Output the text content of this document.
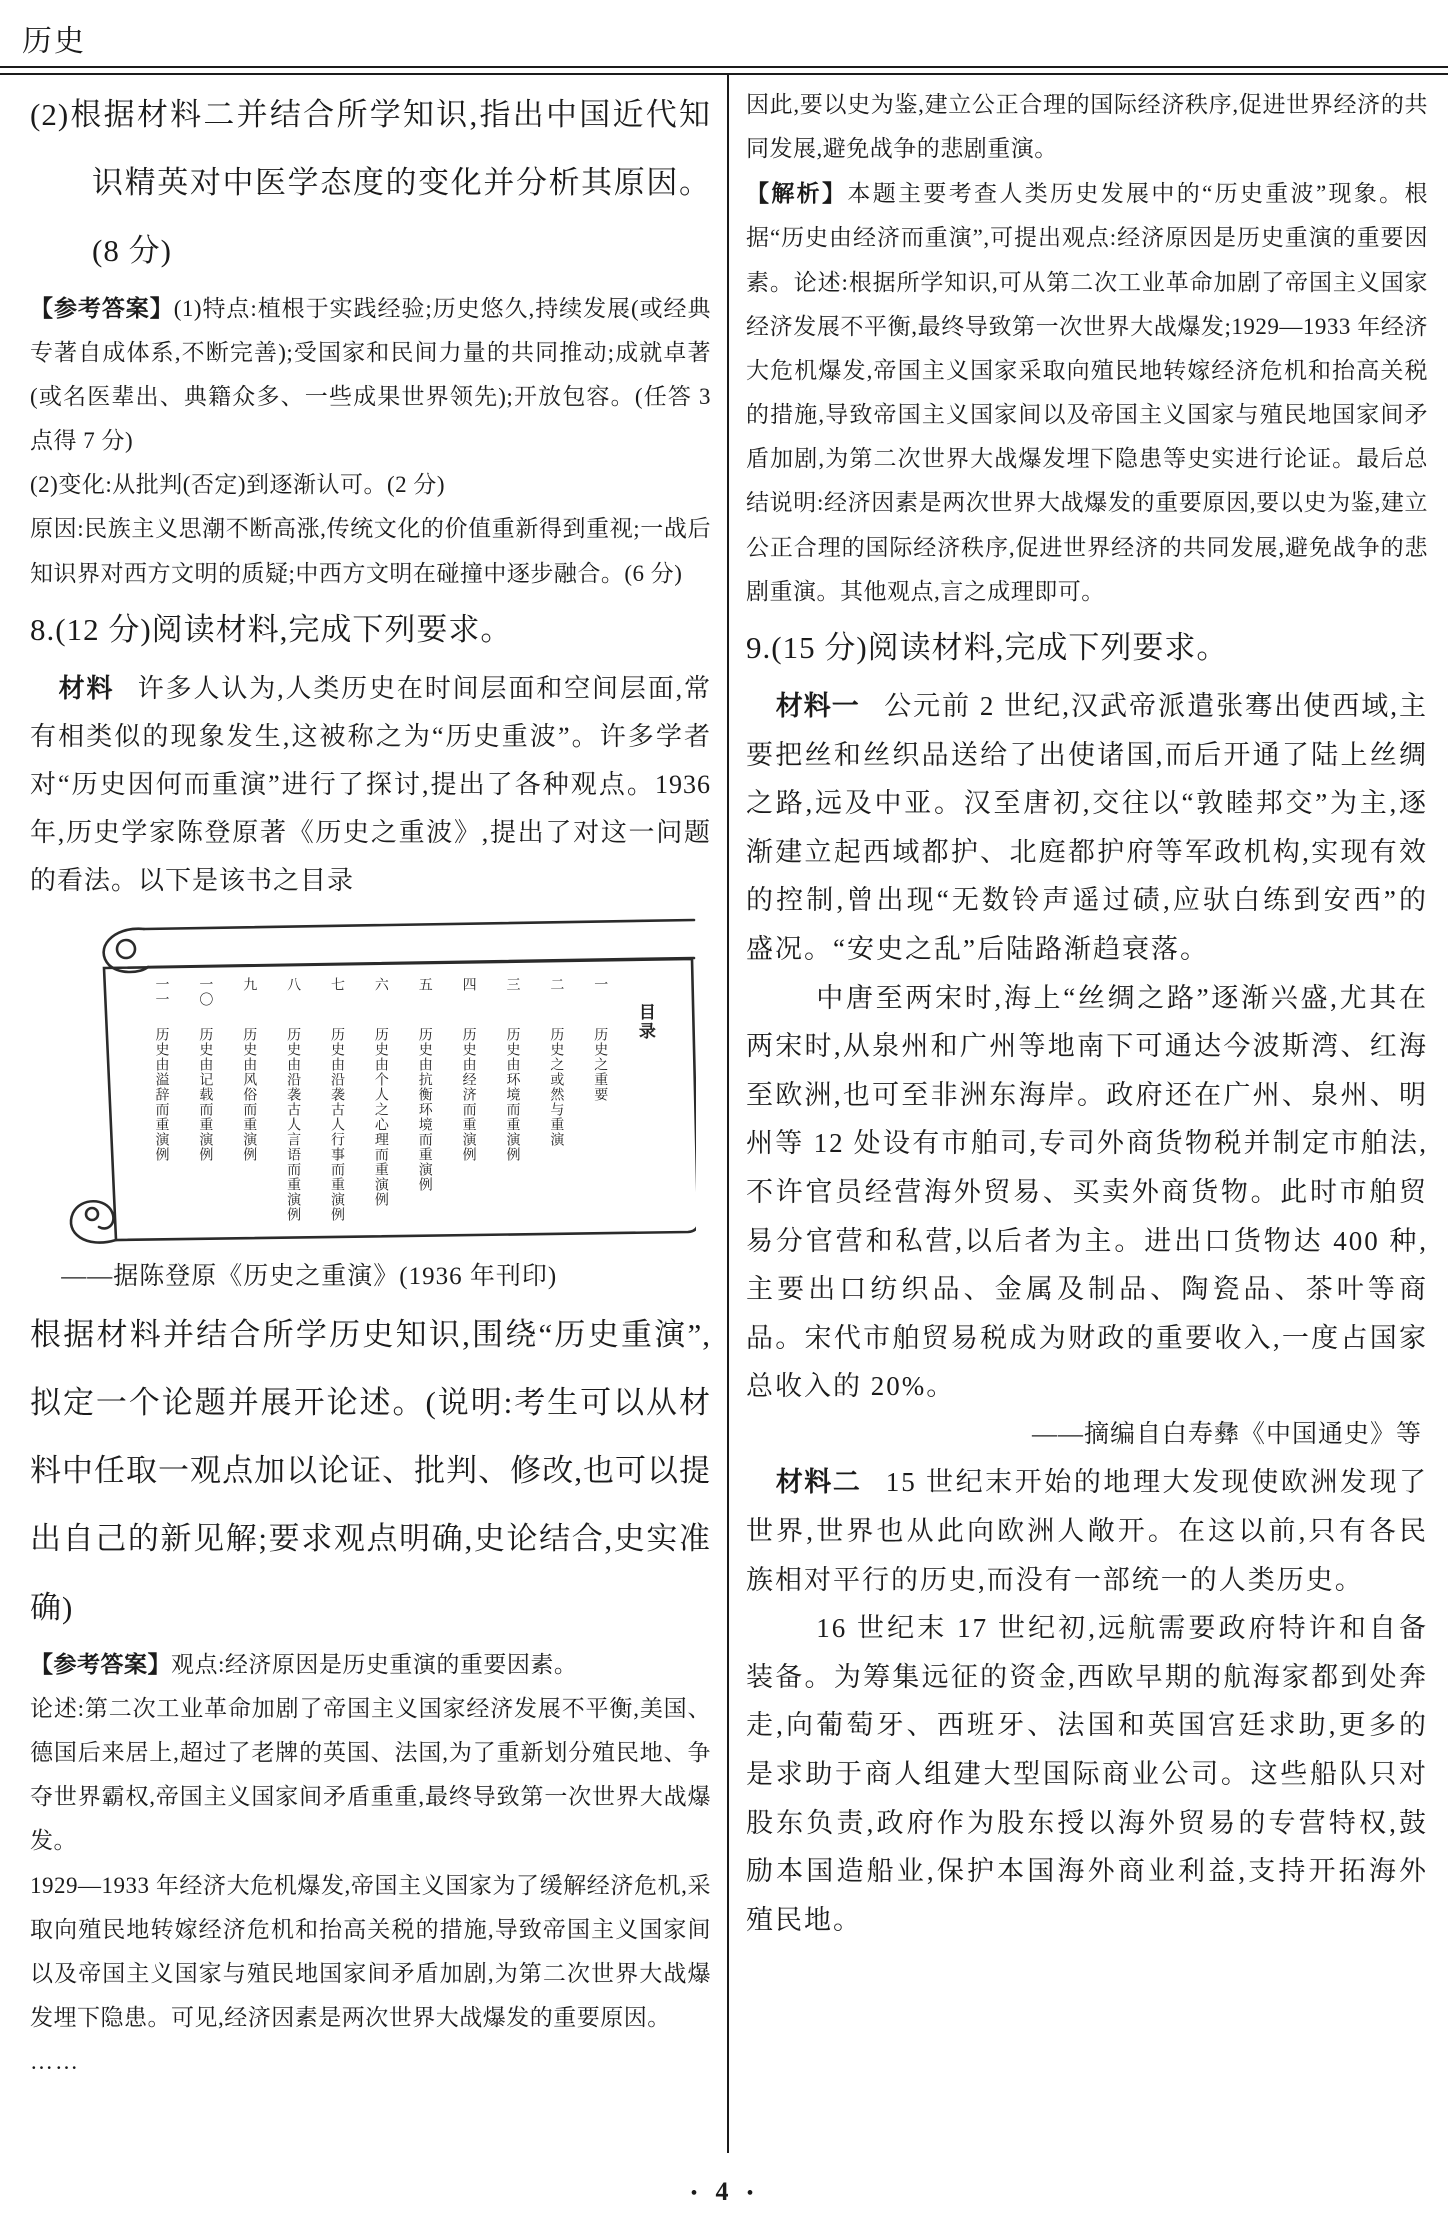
历史

(2)根据材料二并结合所学知识,指出中国近代知识精英对中医学态度的变化并分析其原因。(8 分)

【参考答案】(1)特点:植根于实践经验;历史悠久,持续发展(或经典专著自成体系,不断完善);受国家和民间力量的共同推动;成就卓著(或名医辈出、典籍众多、一些成果世界领先);开放包容。(任答 3 点得 7 分)

(2)变化:从批判(否定)到逐渐认可。(2 分)

原因:民族主义思潮不断高涨,传统文化的价值重新得到重视;一战后知识界对西方文明的质疑;中西方文明在碰撞中逐步融合。(6 分)

8.(12 分)阅读材料,完成下列要求。

材料 许多人认为,人类历史在时间层面和空间层面,常有相类似的现象发生,这被称之为“历史重波”。许多学者对“历史因何而重演”进行了探讨,提出了各种观点。1936 年,历史学家陈登原著《历史之重波》,提出了对这一问题的看法。以下是该书之目录

目录
一历史之重要
二历史之或然与重演
三历史由环境而重演例
四历史由经济而重演例
五历史由抗衡环境而重演例
六历史由个人之心理而重演例
七历史由沿袭古人行事而重演例
八历史由沿袭古人言语而重演例
九历史由风俗而重演例
一〇历史由记载而重演例
一一历史由溢辞而重演例

——据陈登原《历史之重演》(1936 年刊印)

根据材料并结合所学历史知识,围绕“历史重演”,拟定一个论题并展开论述。(说明:考生可以从材料中任取一观点加以论证、批判、修改,也可以提出自己的新见解;要求观点明确,史论结合,史实准确)

【参考答案】观点:经济原因是历史重演的重要因素。

论述:第二次工业革命加剧了帝国主义国家经济发展不平衡,美国、德国后来居上,超过了老牌的英国、法国,为了重新划分殖民地、争夺世界霸权,帝国主义国家间矛盾重重,最终导致第一次世界大战爆发。

1929—1933 年经济大危机爆发,帝国主义国家为了缓解经济危机,采取向殖民地转嫁经济危机和抬高关税的措施,导致帝国主义国家间以及帝国主义国家与殖民地国家间矛盾加剧,为第二次世界大战爆发埋下隐患。可见,经济因素是两次世界大战爆发的重要原因。

……

因此,要以史为鉴,建立公正合理的国际经济秩序,促进世界经济的共同发展,避免战争的悲剧重演。

【解析】本题主要考查人类历史发展中的“历史重波”现象。根据“历史由经济而重演”,可提出观点:经济原因是历史重演的重要因素。论述:根据所学知识,可从第二次工业革命加剧了帝国主义国家经济发展不平衡,最终导致第一次世界大战爆发;1929—1933 年经济大危机爆发,帝国主义国家采取向殖民地转嫁经济危机和抬高关税的措施,导致帝国主义国家间以及帝国主义国家与殖民地国家间矛盾加剧,为第二次世界大战爆发埋下隐患等史实进行论证。最后总结说明:经济因素是两次世界大战爆发的重要原因,要以史为鉴,建立公正合理的国际经济秩序,促进世界经济的共同发展,避免战争的悲剧重演。其他观点,言之成理即可。

9.(15 分)阅读材料,完成下列要求。

材料一 公元前 2 世纪,汉武帝派遣张骞出使西域,主要把丝和丝织品送给了出使诸国,而后开通了陆上丝绸之路,远及中亚。汉至唐初,交往以“敦睦邦交”为主,逐渐建立起西域都护、北庭都护府等军政机构,实现有效的控制,曾出现“无数铃声遥过碛,应驮白练到安西”的盛况。“安史之乱”后陆路渐趋衰落。

中唐至两宋时,海上“丝绸之路”逐渐兴盛,尤其在两宋时,从泉州和广州等地南下可通达今波斯湾、红海至欧洲,也可至非洲东海岸。政府还在广州、泉州、明州等 12 处设有市舶司,专司外商货物税并制定市舶法,不许官员经营海外贸易、买卖外商货物。此时市舶贸易分官营和私营,以后者为主。进出口货物达 400 种,主要出口纺织品、金属及制品、陶瓷品、茶叶等商品。宋代市舶贸易税成为财政的重要收入,一度占国家总收入的 20%。

——摘编自白寿彝《中国通史》等

材料二 15 世纪末开始的地理大发现使欧洲发现了世界,世界也从此向欧洲人敞开。在这以前,只有各民族相对平行的历史,而没有一部统一的人类历史。

16 世纪末 17 世纪初,远航需要政府特许和自备装备。为筹集远征的资金,西欧早期的航海家都到处奔走,向葡萄牙、西班牙、法国和英国宫廷求助,更多的是求助于商人组建大型国际商业公司。这些船队只对股东负责,政府作为股东授以海外贸易的专营特权,鼓励本国造船业,保护本国海外商业利益,支持开拓海外殖民地。

• 4 •
